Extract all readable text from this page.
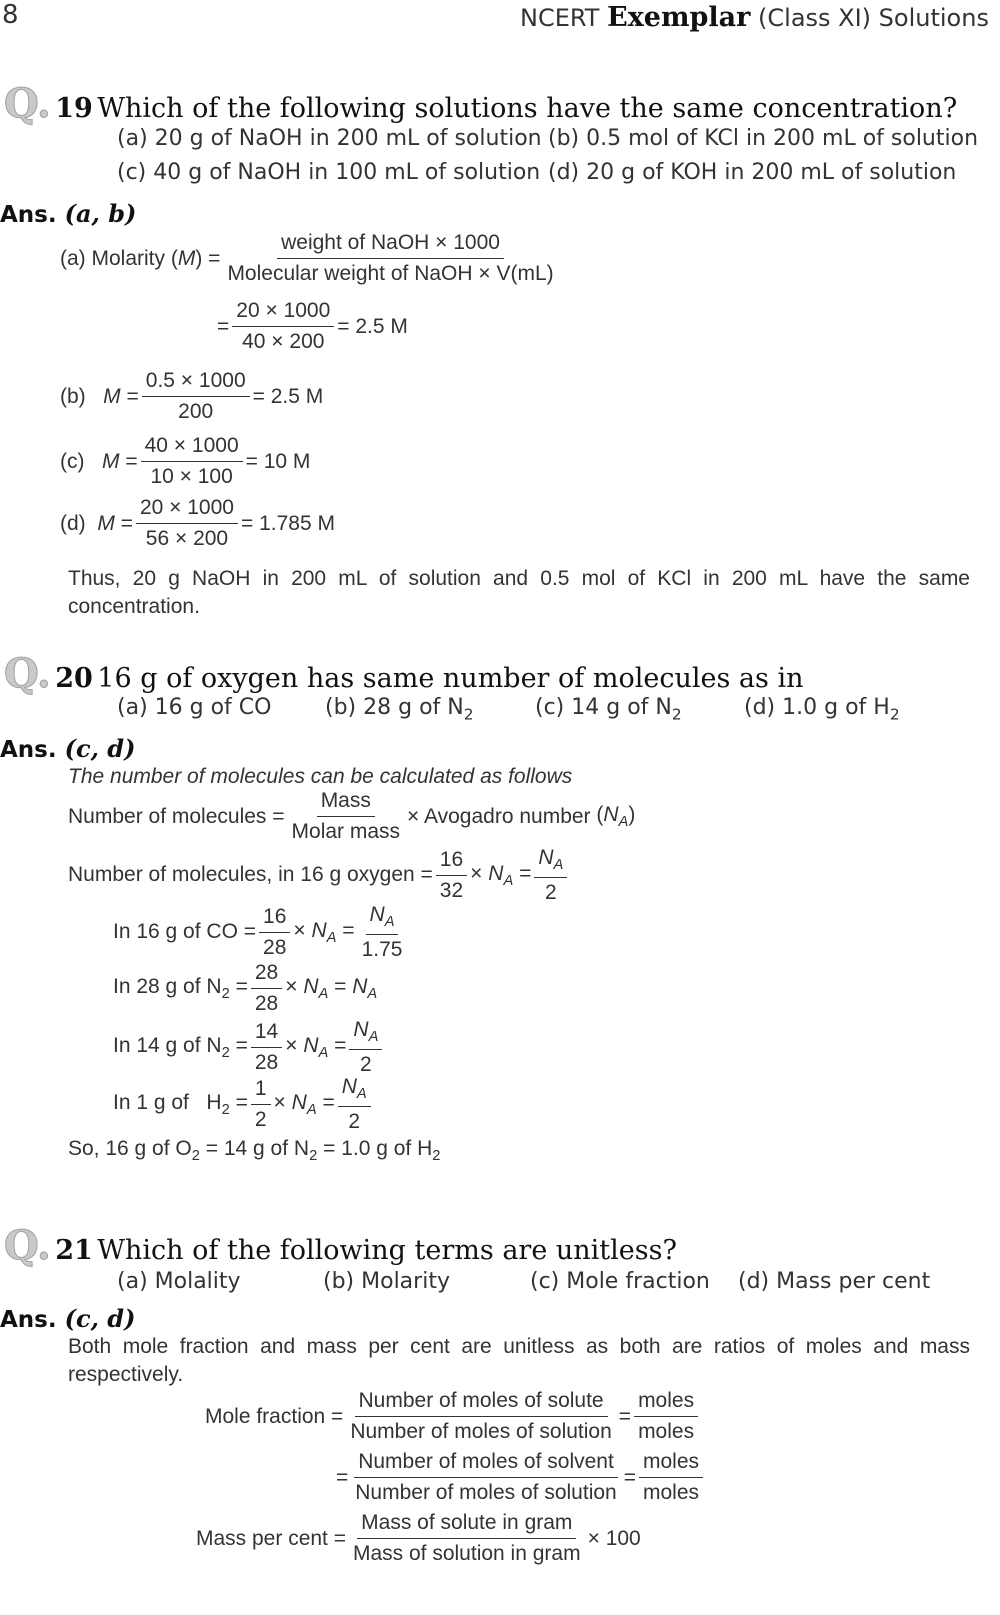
8	NCERT Exemplar (Class XI) Solutions
Q. 19 Which of the following solutions have the same concentration?
(a) 20 g of NaOH in 200 mL of solution (b) 0.5 mol of KCl in 200 mL of solution
(c) 40 g of NaOH in 100 mL of solution (d) 20 g of KOH in 200 mL of solution
Ans. (a, b)
(a) Molarity $(M) = \frac{\text{weight of NaOH × 1000}}{\text{Molecular weight of NaOH × V(mL)}}$
= $\frac{20 \times 1000}{40 \times 200} = 2.5$ M
(b)   $M = \frac{0.5 \times 1000}{200} = 2.5$ M
(c)   $M = \frac{40 \times 1000}{10 \times 100} = 10$ M
(d)  $M = \frac{20 \times 1000}{56 \times 200} = 1.785$ M
Thus, 20 g NaOH in 200 mL of solution and 0.5 mol of KCl in 200 mL have the same concentration.
Q. 20 16 g of oxygen has same number of molecules as in
(a) 16 g of CO (b) 28 g of $N_2$	(c) 14 g of $N_2$	(d) 1.0 g of $H_2$
Ans. (c, d)
The number of molecules can be calculated as follows
Number of molecules = $\frac{\text{Mass}}{\text{Molar mass}}$ × Avogadro number $(N_A)$
Number of molecules, in 16 g oxygen = $\frac{16}{32} \times N_A = \frac{N_A}{2}$
In 16 g of CO = $\frac{16}{28} \times N_A = \frac{N_A}{1.75}$
In 28 g of $N_2 = \frac{28}{28} \times N_A = N_A$
In 14 g of $N_2 = \frac{14}{28} \times N_A = \frac{N_A}{2}$
In 1 g of   $H_2 = \frac{1}{2} \times N_A = \frac{N_A}{2}$
So, 16 g of $O_2 = 14$ g of $N_2 = 1.0$ g of $H_2$
Q. 21 Which of the following terms are unitless?
(a) Molality	(b) Molarity	(c) Mole fraction (d) Mass per cent
Ans. (c, d)
Both mole fraction and mass per cent are unitless as both are ratios of moles and mass respectively.
Mole fraction = $\frac{\text{Number of moles of solute}}{\text{Number of moles of solution}} = \frac{\text{moles}}{\text{moles}}$
= $\frac{\text{Number of moles of solvent}}{\text{Number of moles of solution}} = \frac{\text{moles}}{\text{moles}}$
Mass per cent = $\frac{\text{Mass of solute in gram}}{\text{Mass of solution in gram}} \times 100$
